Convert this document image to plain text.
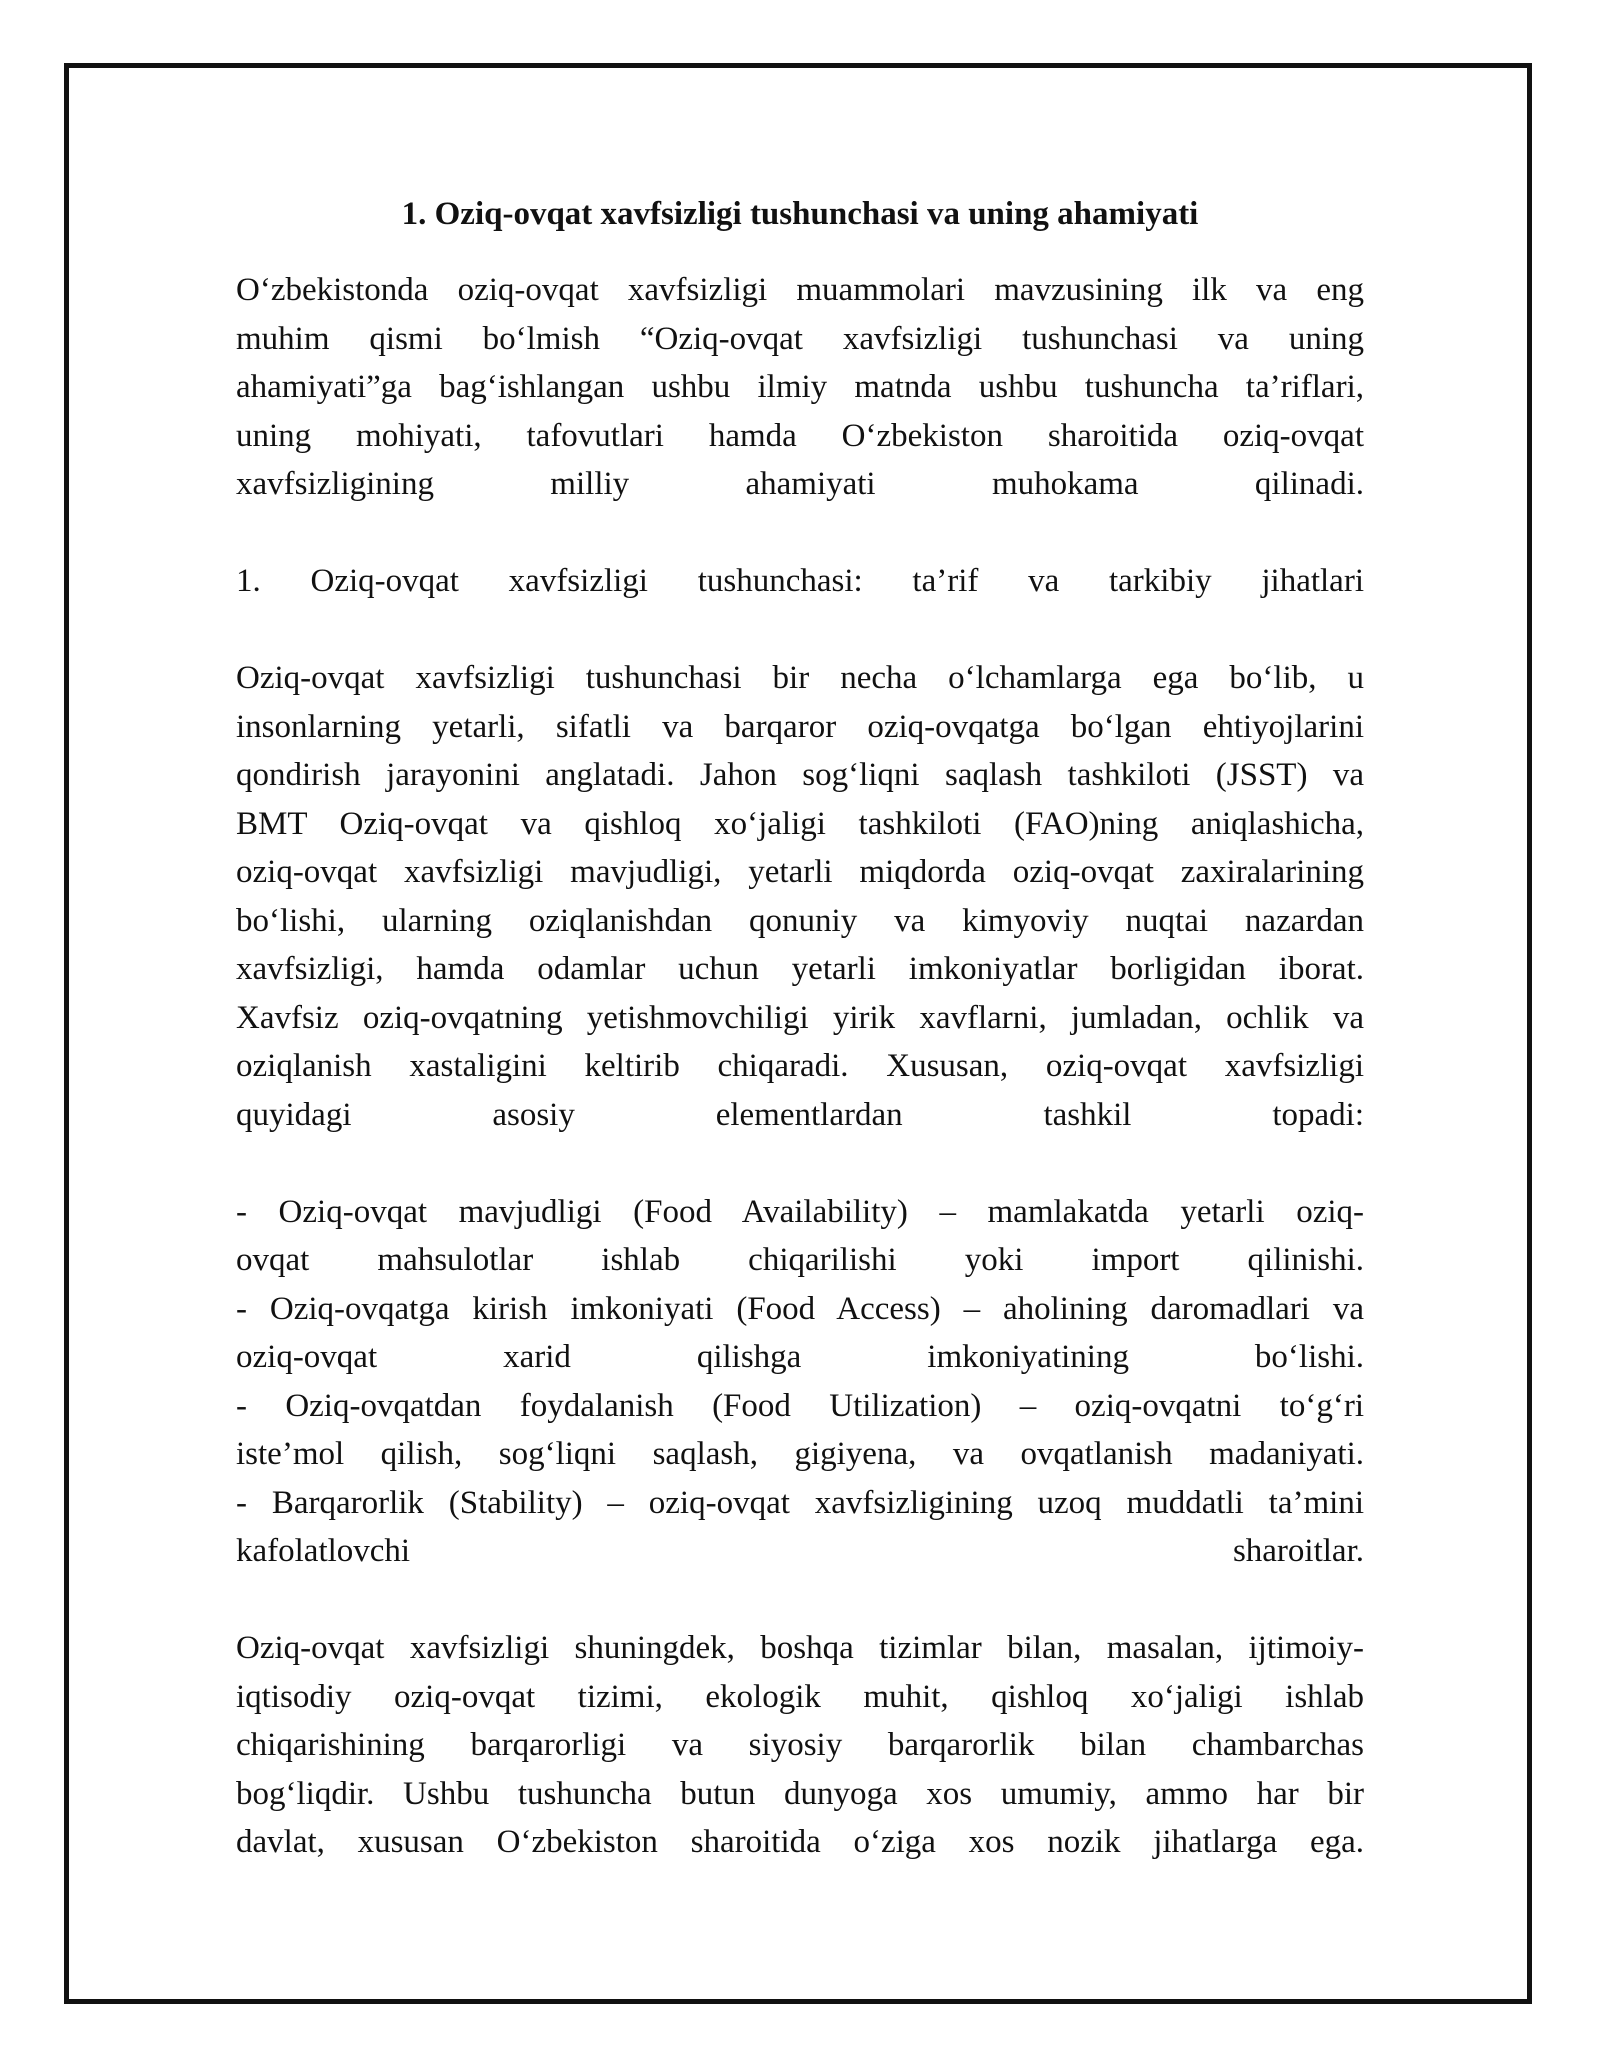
1. Oziq-ovqat xavfsizligi tushunchasi va uning ahamiyati
O‘zbekistonda oziq-ovqat xavfsizligi muammolari mavzusining ilk va eng
muhim qismi bo‘lmish “Oziq-ovqat xavfsizligi tushunchasi va uning
ahamiyati”ga bag‘ishlangan ushbu ilmiy matnda ushbu tushuncha ta’riflari,
uning mohiyati, tafovutlari hamda O‘zbekiston sharoitida oziq-ovqat
xavfsizligining milliy ahamiyati muhokama qilinadi.
1. Oziq-ovqat xavfsizligi tushunchasi: ta’rif va tarkibiy jihatlari
Oziq-ovqat xavfsizligi tushunchasi bir necha o‘lchamlarga ega bo‘lib, u
insonlarning yetarli, sifatli va barqaror oziq-ovqatga bo‘lgan ehtiyojlarini
qondirish jarayonini anglatadi. Jahon sog‘liqni saqlash tashkiloti (JSST) va
BMT Oziq-ovqat va qishloq xo‘jaligi tashkiloti (FAO)ning aniqlashicha,
oziq-ovqat xavfsizligi mavjudligi, yetarli miqdorda oziq-ovqat zaxiralarining
bo‘lishi, ularning oziqlanishdan qonuniy va kimyoviy nuqtai nazardan
xavfsizligi, hamda odamlar uchun yetarli imkoniyatlar borligidan iborat.
Xavfsiz oziq-ovqatning yetishmovchiligi yirik xavflarni, jumladan, ochlik va
oziqlanish xastaligini keltirib chiqaradi. Xususan, oziq-ovqat xavfsizligi
quyidagi asosiy elementlardan tashkil topadi:
- Oziq-ovqat mavjudligi (Food Availability) – mamlakatda yetarli oziq-
ovqat mahsulotlar ishlab chiqarilishi yoki import qilinishi.
- Oziq-ovqatga kirish imkoniyati (Food Access) – aholining daromadlari va
oziq-ovqat xarid qilishga imkoniyatining bo‘lishi.
- Oziq-ovqatdan foydalanish (Food Utilization) – oziq-ovqatni to‘g‘ri
iste’mol qilish, sog‘liqni saqlash, gigiyena, va ovqatlanish madaniyati.
- Barqarorlik (Stability) – oziq-ovqat xavfsizligining uzoq muddatli ta’mini
kafolatlovchi sharoitlar.
Oziq-ovqat xavfsizligi shuningdek, boshqa tizimlar bilan, masalan, ijtimoiy-
iqtisodiy oziq-ovqat tizimi, ekologik muhit, qishloq xo‘jaligi ishlab
chiqarishining barqarorligi va siyosiy barqarorlik bilan chambarchas
bog‘liqdir. Ushbu tushuncha butun dunyoga xos umumiy, ammo har bir
davlat, xususan O‘zbekiston sharoitida o‘ziga xos nozik jihatlarga ega.
